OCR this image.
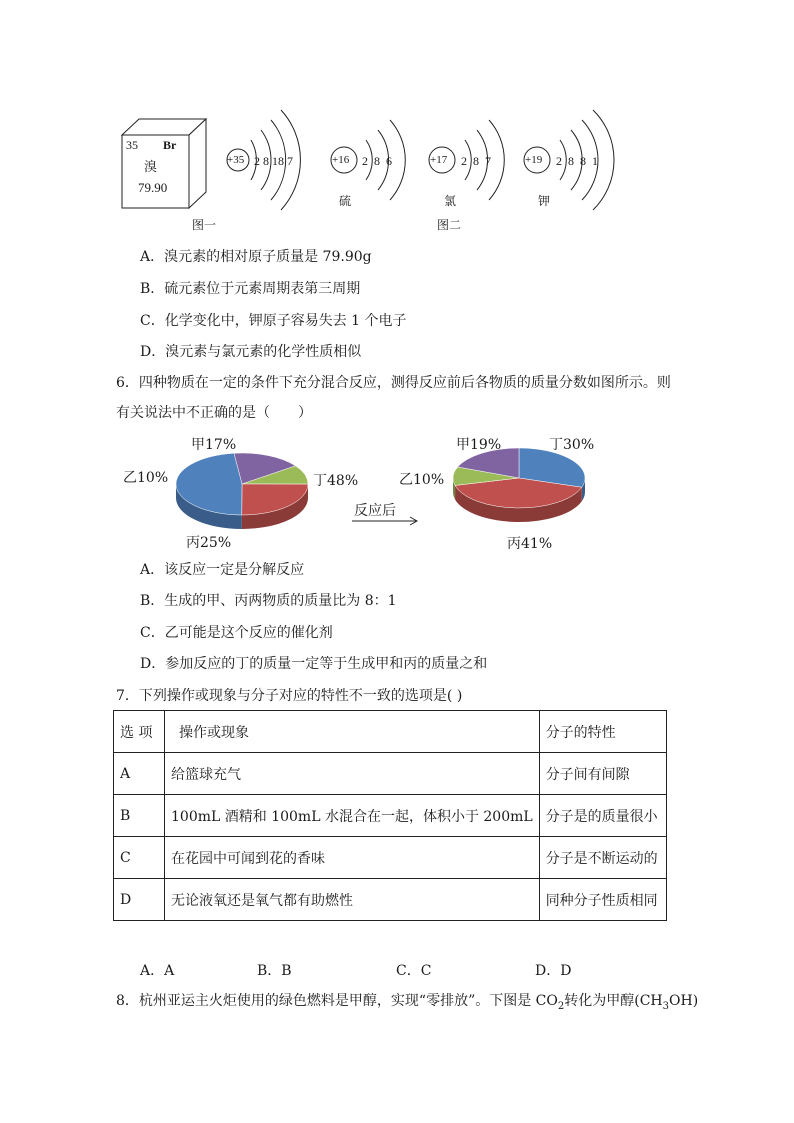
35 Br
溴
79.90
图一
+35 2 8 18 7	+16 2  8  6	+17 2  8  7	+19 2  8  8  1
硫	氯	钾
图二
A．溴元素的相对原子质量是 79.90g
B．硫元素位于元素周期表第三周期
C．化学变化中，钾原子容易失去 1 个电子
D．溴元素与氯元素的化学性质相似
6．四种物质在一定的条件下充分混合反应，测得反应前后各物质的质量分数如图所示。则
有关说法中不正确的是（　　）
甲17%
乙10%
丙25%
丁48%
甲19%
乙10%
丙41%
丁30%
反应后
A．该反应一定是分解反应
B．生成的甲、丙两物质的质量比为 8：1
C．乙可能是这个反应的催化剂
D．参加反应的丁的质量一定等于生成甲和丙的质量之和
7．下列操作或现象与分子对应的特性不一致的选项是( )
选 项	操作或现象	分子的特性
A	给篮球充气	分子间有间隙
B	100mL 酒精和 100mL 水混合在一起，体积小于 200mL	分子是的质量很小
C	在花园中可闻到花的香味	分子是不断运动的
D	无论液氧还是氧气都有助燃性	同种分子性质相同
A．A	B．B	C．C	D．D
8．杭州亚运主火炬使用的绿色燃料是甲醇，实现“零排放”。下图是 $CO_2$转化为甲醇$(CH_3OH)$
